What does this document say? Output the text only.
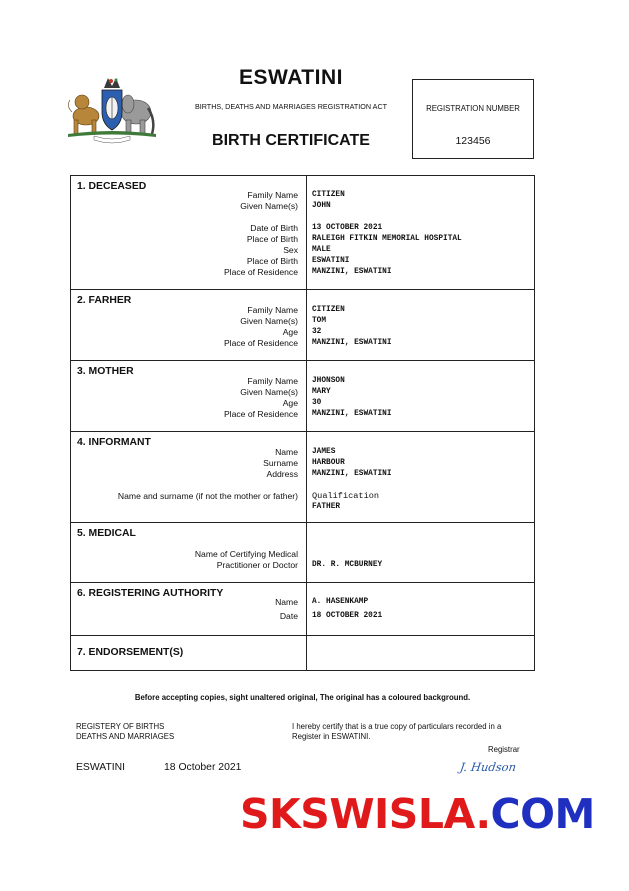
ESWATINI
BIRTHS, DEATHS AND MARRIAGES REGISTRATION ACT
BIRTH CERTIFICATE
REGISTRATION NUMBER
123456
1. DECEASED
Family Name CITIZEN
Given Name(s) JOHN
Date of Birth 13 OCTOBER 2021
Place of Birth RALEIGH FITKIN MEMORIAL HOSPITAL
Sex MALE
Place of Birth ESWATINI
Place of Residence MANZINI, ESWATINI
2. FARHER
Family Name CITIZEN
Given Name(s) TOM
Age 32
Place of Residence MANZINI, ESWATINI
3. MOTHER
Family Name JHONSON
Given Name(s) MARY
Age 30
Place of Residence MANZINI, ESWATINI
4. INFORMANT
Name JAMES
Surname HARBOUR
Address MANZINI, ESWATINI
Name and surname (if not the mother or father) Qualification
FATHER
5. MEDICAL
Name of Certifying Medical
Practitioner or Doctor DR. R. MCBURNEY
6. REGISTERING AUTHORITY
Name A. HASENKAMP
Date 18 OCTOBER 2021
7. ENDORSEMENT(S)
Before accepting copies, sight unaltered original, The original has a coloured background.
REGISTERY OF BIRTHS
DEATHS AND MARRIAGES
I hereby certify that is a true copy of particulars recorded in a
Register in ESWATINI.
Registrar
ESWATINI	18 October 2021	J. Hudson
SKSWISLA.COM
